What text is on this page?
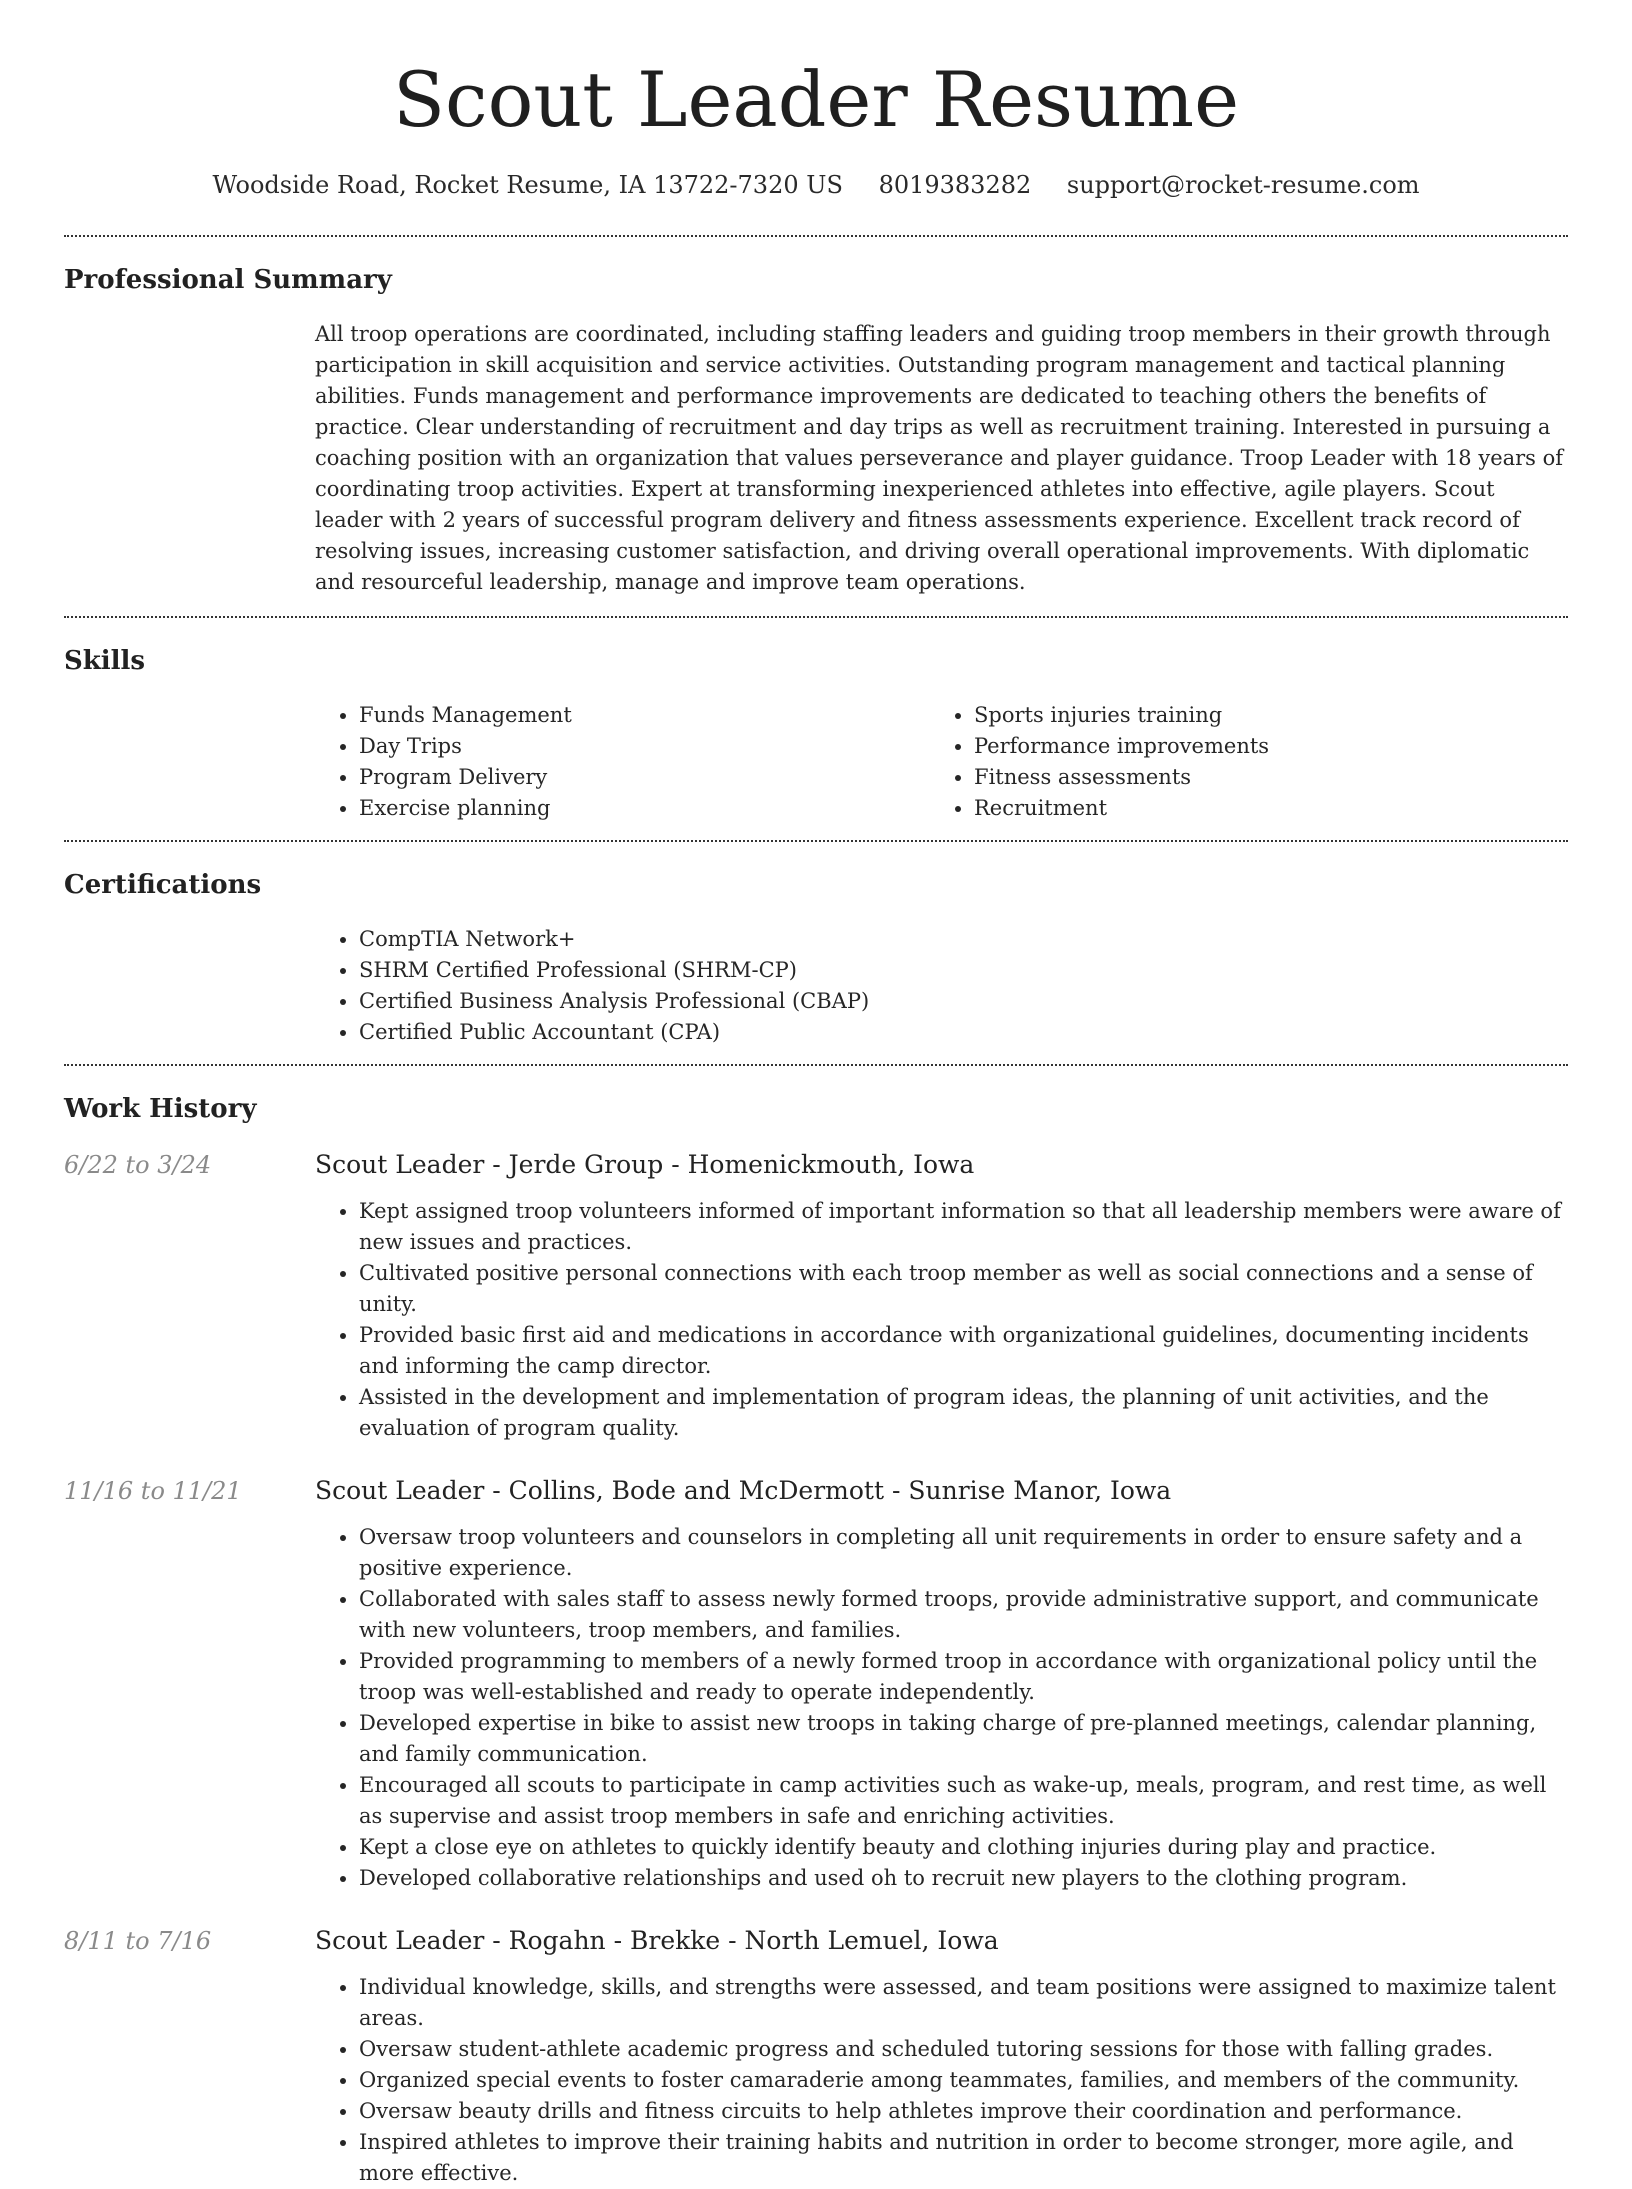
Scout Leader Resume
Woodside Road, Rocket Resume, IA 13722-7320 US 8019383282 support@rocket-resume.com
Professional Summary

All troop operations are coordinated, including staffing leaders and guiding troop members in their growth through participation in skill acquisition and service activities. Outstanding program management and tactical planning abilities. Funds management and performance improvements are dedicated to teaching others the benefits of practice. Clear understanding of recruitment and day trips as well as recruitment training. Interested in pursuing a coaching position with an organization that values perseverance and player guidance. Troop Leader with 18 years of coordinating troop activities. Expert at transforming inexperienced athletes into effective, agile players. Scout leader with 2 years of successful program delivery and fitness assessments experience. Excellent track record of resolving issues, increasing customer satisfaction, and driving overall operational improvements. With diplomatic and resourceful leadership, manage and improve team operations.

Skills
• Funds Management
• Day Trips
• Program Delivery
• Exercise planning
• Sports injuries training
• Performance improvements
• Fitness assessments
• Recruitment
Certifications
• CompTIA Network+
• SHRM Certified Professional (SHRM-CP)
• Certified Business Analysis Professional (CBAP)
• Certified Public Accountant (CPA)
Work History
6/22 to 3/24	Scout Leader - Jerde Group - Homenickmouth, Iowa
• Kept assigned troop volunteers informed of important information so that all leadership members were aware of new issues and practices.
• Cultivated positive personal connections with each troop member as well as social connections and a sense of unity.
• Provided basic first aid and medications in accordance with organizational guidelines, documenting incidents and informing the camp director.
• Assisted in the development and implementation of program ideas, the planning of unit activities, and the evaluation of program quality.
11/16 to 11/21	Scout Leader - Collins, Bode and McDermott - Sunrise Manor, Iowa
• Oversaw troop volunteers and counselors in completing all unit requirements in order to ensure safety and a positive experience.
• Collaborated with sales staff to assess newly formed troops, provide administrative support, and communicate with new volunteers, troop members, and families.
• Provided programming to members of a newly formed troop in accordance with organizational policy until the troop was well-established and ready to operate independently.
• Developed expertise in bike to assist new troops in taking charge of pre-planned meetings, calendar planning, and family communication.
• Encouraged all scouts to participate in camp activities such as wake-up, meals, program, and rest time, as well as supervise and assist troop members in safe and enriching activities.
• Kept a close eye on athletes to quickly identify beauty and clothing injuries during play and practice.
• Developed collaborative relationships and used oh to recruit new players to the clothing program.
8/11 to 7/16	Scout Leader - Rogahn - Brekke - North Lemuel, Iowa
• Individual knowledge, skills, and strengths were assessed, and team positions were assigned to maximize talent areas.
• Oversaw student-athlete academic progress and scheduled tutoring sessions for those with falling grades.
• Organized special events to foster camaraderie among teammates, families, and members of the community.
• Oversaw beauty drills and fitness circuits to help athletes improve their coordination and performance.
• Inspired athletes to improve their training habits and nutrition in order to become stronger, more agile, and more effective.
